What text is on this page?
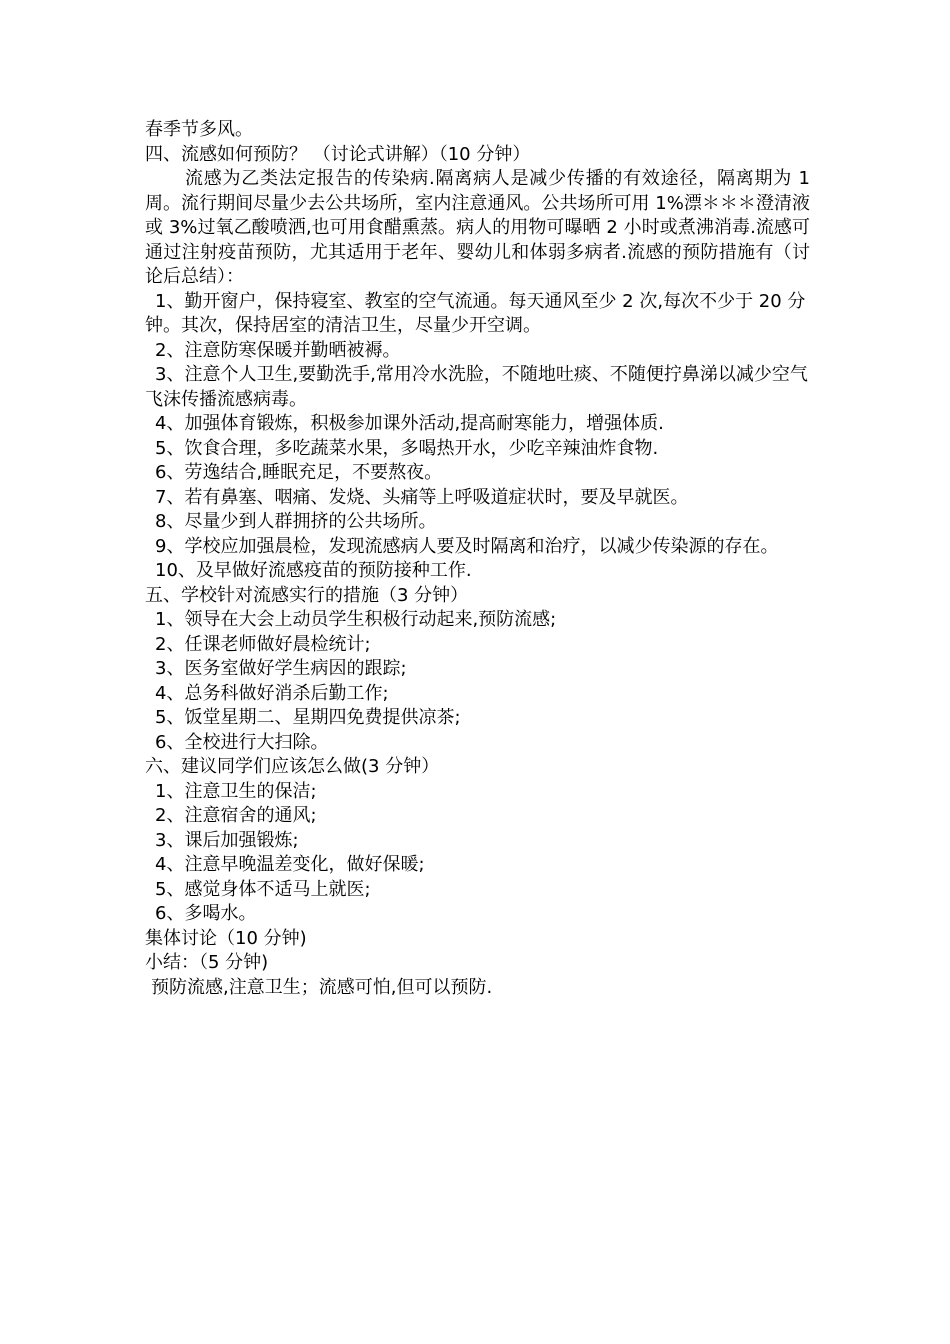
春季节多风。
四、流感如何预防？ （讨论式讲解）（10 分钟）
流感为乙类法定报告的传染病.隔离病人是减少传播的有效途径，隔离期为 1 周。流行期间尽量少去公共场所，室内注意通风。公共场所可用 1%漂＊＊＊澄清液或 3%过氧乙酸喷洒,也可用食醋熏蒸。病人的用物可曝晒 2 小时或煮沸消毒.流感可通过注射疫苗预防，尤其适用于老年、婴幼儿和体弱多病者.流感的预防措施有（讨论后总结）：
1、勤开窗户，保持寝室、教室的空气流通。每天通风至少 2 次,每次不少于 20 分钟。其次，保持居室的清洁卫生，尽量少开空调。
2、注意防寒保暖并勤晒被褥。
3、注意个人卫生,要勤洗手,常用冷水洗脸，不随地吐痰、不随便拧鼻涕以减少空气飞沫传播流感病毒。
4、加强体育锻炼，积极参加课外活动,提高耐寒能力，增强体质.
5、饮食合理，多吃蔬菜水果，多喝热开水，少吃辛辣油炸食物.
6、劳逸结合,睡眠充足，不要熬夜。
7、若有鼻塞、咽痛、发烧、头痛等上呼吸道症状时，要及早就医。
8、尽量少到人群拥挤的公共场所。
9、学校应加强晨检，发现流感病人要及时隔离和治疗，以减少传染源的存在。
10、及早做好流感疫苗的预防接种工作.
五、学校针对流感实行的措施（3 分钟）
1、领导在大会上动员学生积极行动起来,预防流感;
2、任课老师做好晨检统计;
3、医务室做好学生病因的跟踪;
4、总务科做好消杀后勤工作;
5、饭堂星期二、星期四免费提供凉茶;
6、全校进行大扫除。
六、建议同学们应该怎么做(3 分钟）
1、注意卫生的保洁;
2、注意宿舍的通风;
3、课后加强锻炼;
4、注意早晚温差变化，做好保暖;
5、感觉身体不适马上就医;
6、多喝水。
集体讨论（10 分钟)
小结：（5 分钟)
预防流感,注意卫生；流感可怕,但可以预防.
